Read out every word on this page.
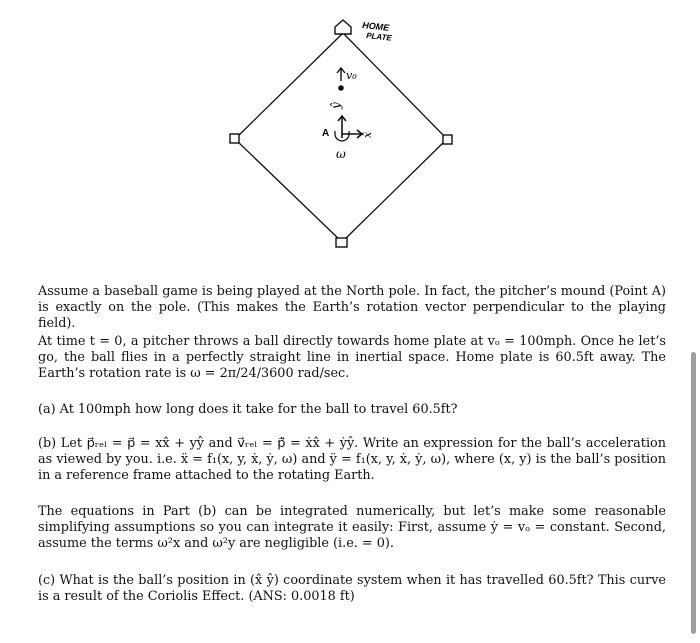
HOME
PLATE
v₀
ŷ
x̂
A
ω

Assume a baseball game is being played at the North pole. In fact, the pitcher’s mound (Point A) is exactly on the pole. (This makes the Earth’s rotation vector perpendicular to the playing field).

At time t = 0, a pitcher throws a ball directly towards home plate at vₒ = 100mph. Once he let’s go, the ball flies in a perfectly straight line in inertial space. Home plate is 60.5ft away. The Earth’s rotation rate is ω = 2π/24/3600 rad/sec.

(a) At 100mph how long does it take for the ball to travel 60.5ft?

(b) Let p⃗ᵣₑₗ = p⃗ = xx̂ + yŷ and v⃗ᵣₑₗ = p⃗̇ = ẋx̂ + ẏŷ. Write an expression for the ball’s acceleration as viewed by you. i.e. ẍ = f₁(x, y, ẋ, ẏ, ω) and ÿ = f₁(x, y, ẋ, ẏ, ω), where (x, y) is the ball’s position in a reference frame attached to the rotating Earth.

The equations in Part (b) can be integrated numerically, but let’s make some reasonable simplifying assumptions so you can integrate it easily: First, assume ẏ = vₒ = constant. Second, assume the terms ω²x and ω²y are negligible (i.e. = 0).

(c) What is the ball’s position in (x̂ ŷ) coordinate system when it has travelled 60.5ft? This curve is a result of the Coriolis Effect. (ANS: 0.0018 ft)
